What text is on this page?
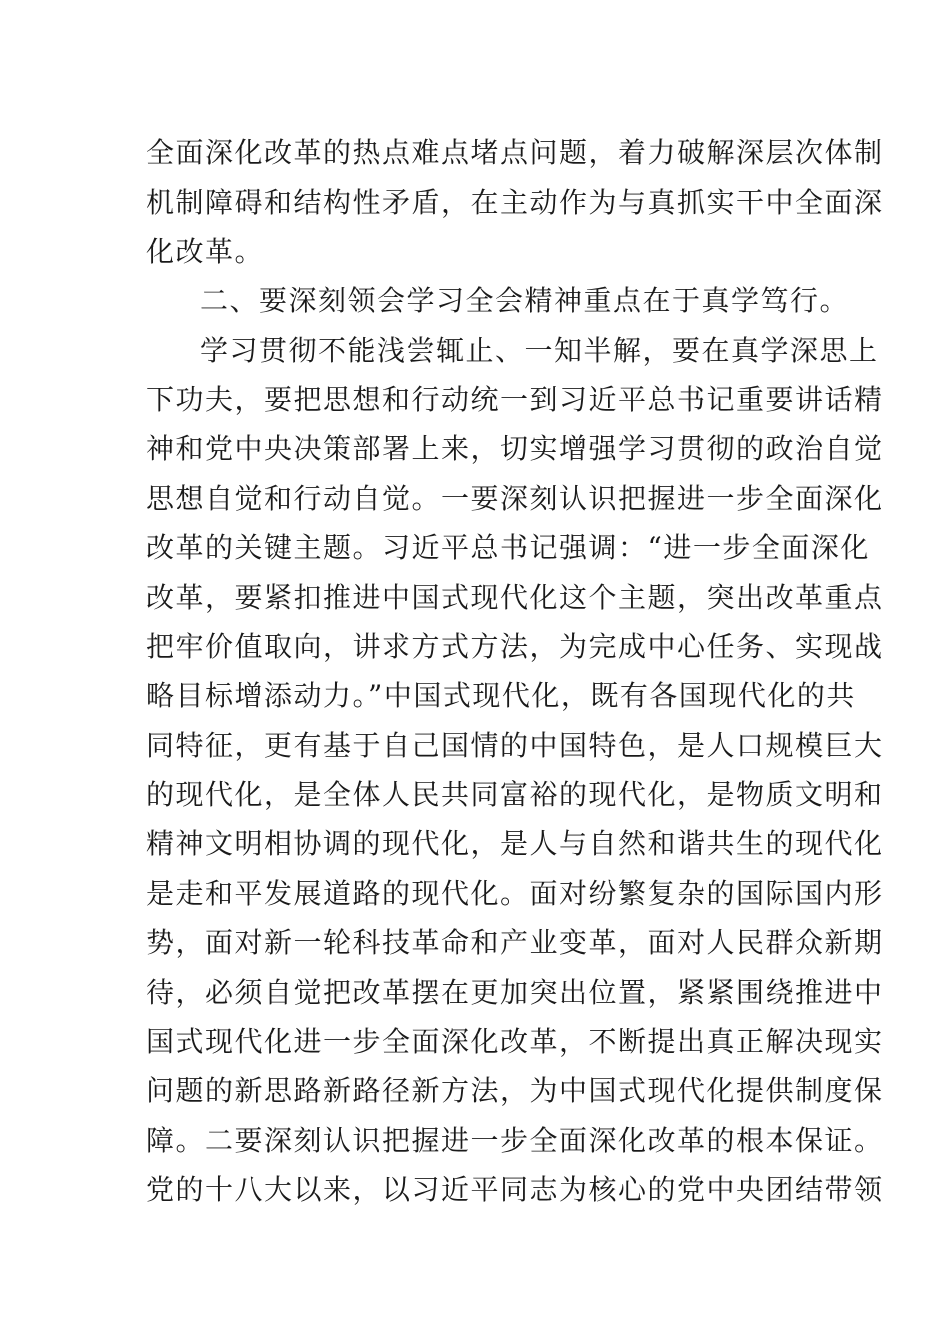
全面深化改革的热点难点堵点问题，着力破解深层次体制
机制障碍和结构性矛盾，在主动作为与真抓实干中全面深
化改革。
二、要深刻领会学习全会精神重点在于真学笃行。
学习贯彻不能浅尝辄止、一知半解，要在真学深思上
下功夫，要把思想和行动统一到习近平总书记重要讲话精
神和党中央决策部署上来，切实增强学习贯彻的政治自觉
思想自觉和行动自觉。一要深刻认识把握进一步全面深化
改革的关键主题。习近平总书记强调：“进一步全面深化
改革，要紧扣推进中国式现代化这个主题，突出改革重点
把牢价值取向，讲求方式方法，为完成中心任务、实现战
略目标增添动力。”中国式现代化，既有各国现代化的共
同特征，更有基于自己国情的中国特色，是人口规模巨大
的现代化，是全体人民共同富裕的现代化，是物质文明和
精神文明相协调的现代化，是人与自然和谐共生的现代化
是走和平发展道路的现代化。面对纷繁复杂的国际国内形
势，面对新一轮科技革命和产业变革，面对人民群众新期
待，必须自觉把改革摆在更加突出位置，紧紧围绕推进中
国式现代化进一步全面深化改革，不断提出真正解决现实
问题的新思路新路径新方法，为中国式现代化提供制度保
障。二要深刻认识把握进一步全面深化改革的根本保证。
党的十八大以来，以习近平同志为核心的党中央团结带领
